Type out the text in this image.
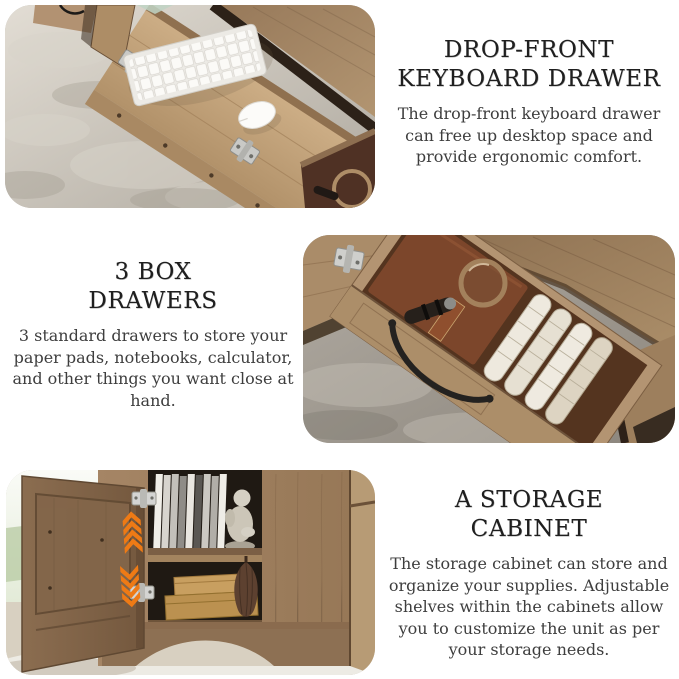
DROP-FRONT
KEYBOARD DRAWER

The drop-front keyboard drawer can free up desktop space and provide ergonomic comfort.

3 BOX
DRAWERS

3 standard drawers to store your paper pads, notebooks, calculator, and other things you want close at hand.

A STORAGE
CABINET

The storage cabinet can store and organize your supplies. Adjustable shelves within the cabinets allow you to customize the unit as per your storage needs.
